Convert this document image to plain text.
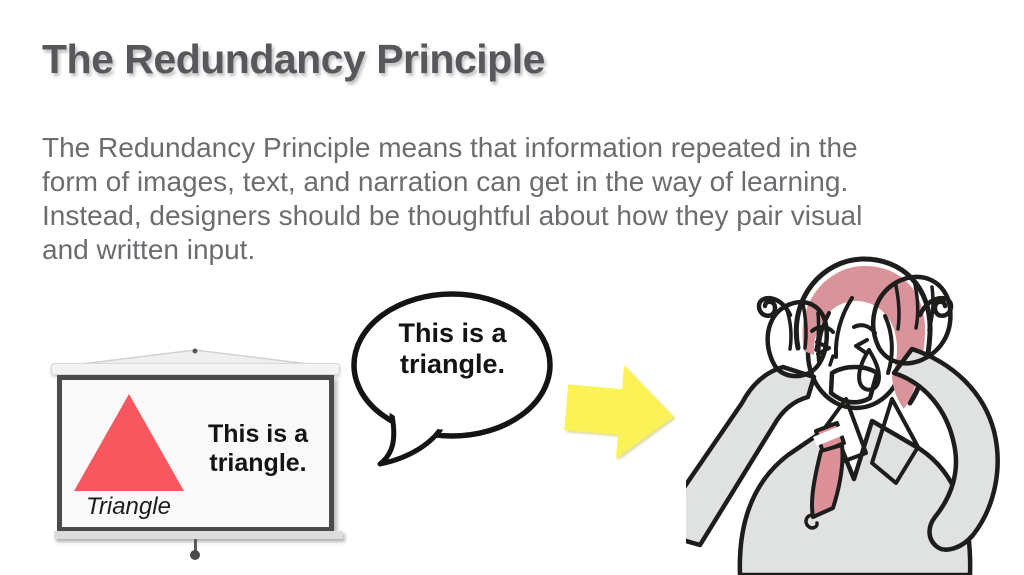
The Redundancy Principle
The Redundancy Principle means that information repeated in the
form of images, text, and narration can get in the way of learning.
Instead, designers should be thoughtful about how they pair visual
and written input.
This is a
triangle.
Triangle
This is a
triangle.
